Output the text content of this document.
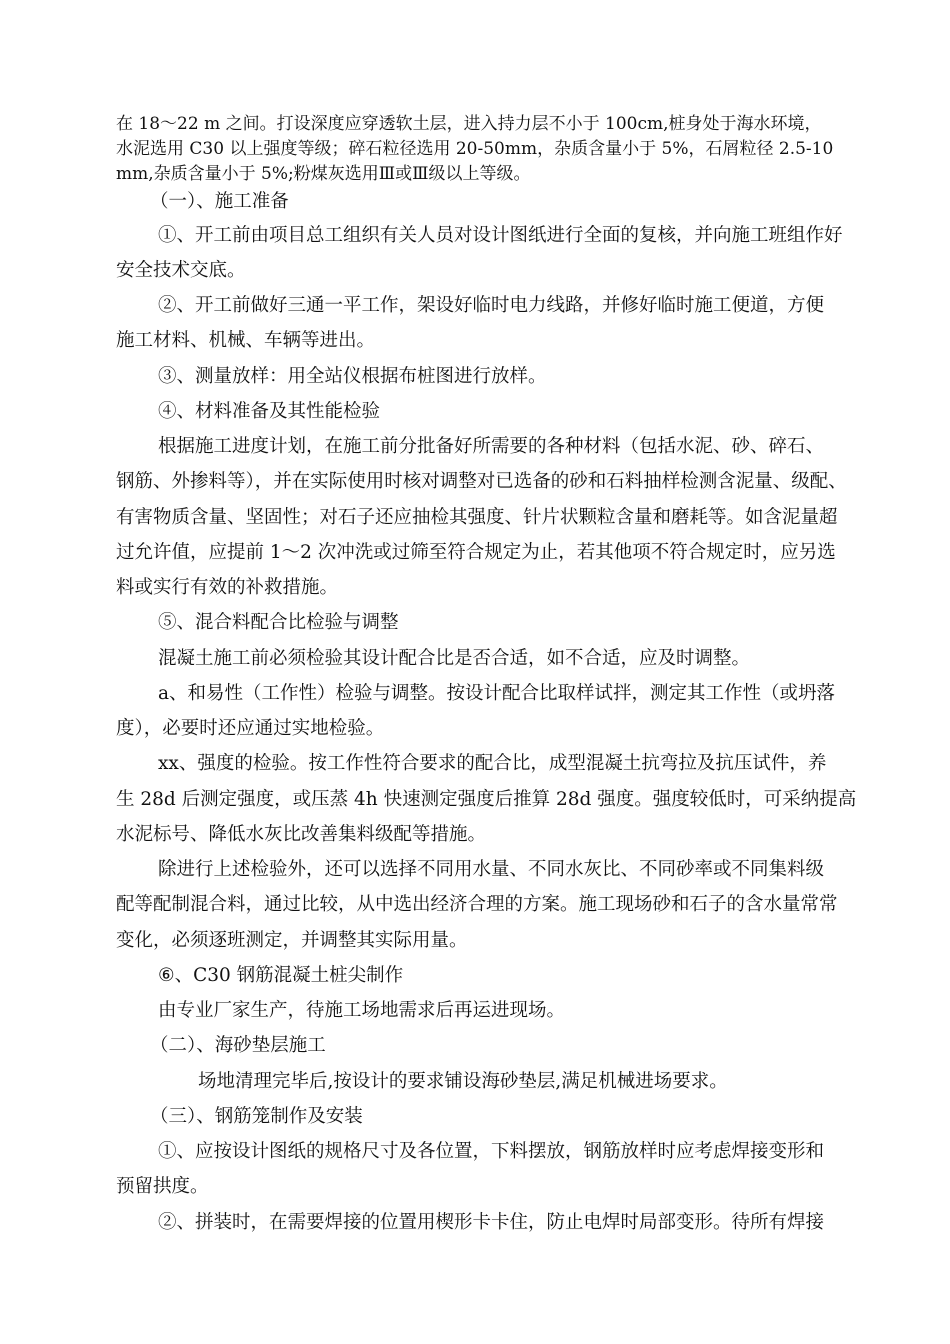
在 18～22 m 之间。打设深度应穿透软土层，进入持力层不小于 100cm,桩身处于海水环境，
水泥选用 C30 以上强度等级；碎石粒径选用 20-50mm，杂质含量小于 5%，石屑粒径 2.5-10
mm,杂质含量小于 5%;粉煤灰选用Ⅲ或Ⅲ级以上等级。
（一）、施工准备
①、开工前由项目总工组织有关人员对设计图纸进行全面的复核，并向施工班组作好
安全技术交底。
②、开工前做好三通一平工作，架设好临时电力线路，并修好临时施工便道，方便
施工材料、机械、车辆等进出。
③、测量放样：用全站仪根据布桩图进行放样。
④、材料准备及其性能检验
根据施工进度计划，在施工前分批备好所需要的各种材料（包括水泥、砂、碎石、
钢筋、外掺料等），并在实际使用时核对调整对已选备的砂和石料抽样检测含泥量、级配、
有害物质含量、坚固性；对石子还应抽检其强度、针片状颗粒含量和磨耗等。如含泥量超
过允许值，应提前 1～2 次冲洗或过筛至符合规定为止，若其他项不符合规定时，应另选
料或实行有效的补救措施。
⑤、混合料配合比检验与调整
混凝土施工前必须检验其设计配合比是否合适，如不合适，应及时调整。
a、和易性（工作性）检验与调整。按设计配合比取样试拌，测定其工作性（或坍落
度），必要时还应通过实地检验。
xx、强度的检验。按工作性符合要求的配合比，成型混凝土抗弯拉及抗压试件，养
生 28d 后测定强度，或压蒸 4h 快速测定强度后推算 28d 强度。强度较低时，可采纳提高
水泥标号、降低水灰比改善集料级配等措施。
除进行上述检验外，还可以选择不同用水量、不同水灰比、不同砂率或不同集料级
配等配制混合料，通过比较，从中选出经济合理的方案。施工现场砂和石子的含水量常常
变化，必须逐班测定，并调整其实际用量。
⑥、C30 钢筋混凝土桩尖制作
由专业厂家生产，待施工场地需求后再运进现场。
（二）、海砂垫层施工
场地清理完毕后,按设计的要求铺设海砂垫层,满足机械进场要求。
（三）、钢筋笼制作及安装
①、应按设计图纸的规格尺寸及各位置，下料摆放，钢筋放样时应考虑焊接变形和
预留拱度。
②、拼装时，在需要焊接的位置用楔形卡卡住，防止电焊时局部变形。待所有焊接
